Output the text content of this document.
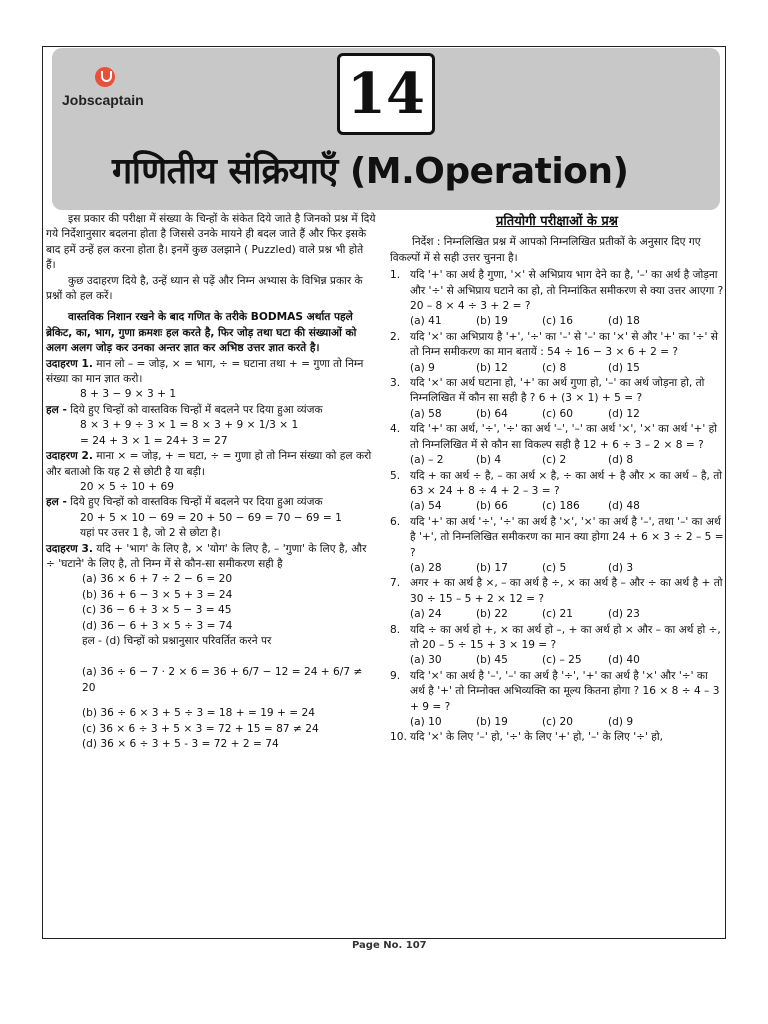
Jobscaptain	14
गणितीय संक्रियाएँ (M.Operation)

इस प्रकार की परीक्षा में संख्या के चिन्हों के संकेत दिये जाते है जिनको प्रश्न में दिये गये निर्देशानुसार बदलना होता है जिससे उनके मायने ही बदल जाते हैं और फिर इसके बाद हमें उन्हें हल करना होता है। इनमें कुछ उलझाने ( Puzzled) वाले प्रश्न भी होते हैं।

कुछ उदाहरण दिये है, उन्हें ध्यान से पढ़ें और निम्न अभ्यास के विभिन्न प्रकार के प्रश्नों को हल करें।

वास्तविक निशान रखने के बाद गणित के तरीके BODMAS अर्थात पहले ब्रेकिट, का, भाग, गुणा क्रमशः हल करते है, फिर जोड़ तथा घटा की संख्याओं को अलग अलग जोड़ कर उनका अन्तर ज्ञात कर अभिष्ठ उत्तर ज्ञात करते है।

उदाहरण 1. मान लो – = जोड़, × = भाग, ÷ = घटाना तथा + = गुणा तो निम्न संख्या का मान ज्ञात करो।

8 + 3 − 9 × 3 + 1

हल - दिये हुए चिन्हों को वास्तविक चिन्हों में बदलने पर दिया हुआ व्यंजक

8 × 3 + 9 ÷ 3 × 1 = 8 × 3 + 9 × 1/3 × 1

= 24 + 3 × 1 = 24+ 3 = 27

उदाहरण 2. माना × = जोड़, + = घटा, ÷ = गुणा हो तो निम्न संख्या को हल करो और बताओ कि यह 2 से छोटी है या बड़ी।

20 × 5 ÷ 10 + 69

हल - दिये हुए चिन्हों को वास्तविक चिन्हों में बदलने पर दिया हुआ व्यंजक

20 + 5 × 10 − 69 = 20 + 50 − 69 = 70 − 69 = 1

यहां पर उत्तर 1 है, जो 2 से छोटा है।

उदाहरण 3. यदि + 'भाग' के लिए है, × 'योग' के लिए है, – 'गुणा' के लिए है, और ÷ 'घटाने' के लिए है, तो निम्न में से कौन-सा समीकरण सही है

(a) 36 × 6 + 7 ÷ 2 − 6 = 20

(b) 36 + 6 − 3 × 5 + 3 = 24

(c) 36 − 6 + 3 × 5 − 3 = 45

(d) 36 − 6 + 3 × 5 ÷ 3 = 74

हल - (d) चिन्हों को प्रश्नानुसार परिवर्तित करने पर

(a) 36 ÷ 6 − 7 · 2 × 6 = 36 + 6/7 − 12 = 24 + 6/7 ≠ 20

(b) 36 ÷ 6 × 3 + 5 ÷ 3 = 18 + = 19 + = 24

(c) 36 × 6 ÷ 3 + 5 × 3 = 72 + 15 = 87 ≠ 24

(d) 36 × 6 ÷ 3 + 5 - 3 = 72 + 2 = 74

प्रतियोगी परीक्षाओं के प्रश्न

निर्देश : निम्नलिखित प्रश्न में आपको निम्नलिखित प्रतीकों के अनुसार दिए गए विकल्पों में से सही उत्तर चुनना है।

1. यदि '+' का अर्थ है गुणा, '×' से अभिप्राय भाग देने का है, '–' का अर्थ है जोड़ना और '÷' से अभिप्राय घटाने का हो, तो निम्नांकित समीकरण से क्या उत्तर आएगा ? 20 – 8 × 4 ÷ 3 + 2 = ?
(a) 41	(b) 19	(c) 16	(d) 18
2. यदि '×' का अभिप्राय है '+', '÷' का '–' से '–' का '×' से और '+' का '÷' से तो निम्न समीकरण का मान बतायें : 54 ÷ 16 − 3 × 6 + 2 = ?
(a) 9	(b) 12	(c) 8	(d) 15
3. यदि '×' का अर्थ घटाना हो, '+' का अर्थ गुणा हो, '–' का अर्थ जोड़ना हो, तो निम्नलिखित में कौन सा सही है ? 6 + (3 × 1) + 5 = ?
(a) 58	(b) 64	(c) 60	(d) 12
4. यदि '+' का अर्थ, '÷', '÷' का अर्थ '–', '–' का अर्थ '×', '×' का अर्थ '+' हो तो निम्नलिखित में से कौन सा विकल्प सही है 12 + 6 ÷ 3 – 2 × 8 = ?
(a) – 2	(b) 4	(c) 2	(d) 8
5. यदि + का अर्थ ÷ है, – का अर्थ × है, ÷ का अर्थ + है और × का अर्थ – है, तो 63 × 24 + 8 ÷ 4 + 2 – 3 = ?
(a) 54	(b) 66	(c) 186	(d) 48
6. यदि '+' का अर्थ '÷', '÷' का अर्थ है '×', '×' का अर्थ है '–', तथा '–' का अर्थ है '+', तो निम्नलिखित समीकरण का मान क्या होगा 24 + 6 × 3 ÷ 2 – 5 = ?
(a) 28	(b) 17	(c) 5	(d) 3
7. अगर + का अर्थ है ×, – का अर्थ है ÷, × का अर्थ है – और ÷ का अर्थ है + तो 30 ÷ 15 – 5 + 2 × 12 = ?
(a) 24	(b) 22	(c) 21	(d) 23
8. यदि ÷ का अर्थ हो +, × का अर्थ हो –, + का अर्थ हो × और – का अर्थ हो ÷, तो 20 – 5 ÷ 15 + 3 × 19 = ?
(a) 30	(b) 45	(c) – 25	(d) 40
9. यदि '×' का अर्थ है '–', '–' का अर्थ है '÷', '+' का अर्थ है '×' और '÷' का अर्थ है '+' तो निम्नोक्त अभिव्यक्ति का मूल्य कितना होगा ? 16 × 8 ÷ 4 – 3 + 9 = ?
(a) 10	(b) 19	(c) 20	(d) 9
10. यदि '×' के लिए '–' हो, '÷' के लिए '+' हो, '–' के लिए '÷' हो,
Page No. 107
